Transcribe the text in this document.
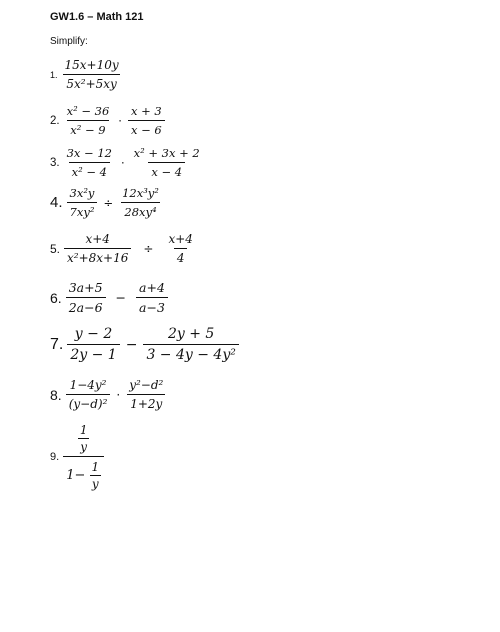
GW1.6 – Math 121
Simplify:
1. $\frac{15x+10y}{\text{5x²+5xy}}$
2. $\frac{\text{x² − 36}}{\text{x² − 9}} \cdot \frac{x + 3}{x - 6}$
3. $\frac{3x - 12}{\text{x² − 4}} \cdot \frac{\text{x² + 3x + 2}}{x - 4}$
4. $\frac{\text{3x²y}}{\text{7xy²}} \div \frac{\text{12x³y²}}{\text{28xy⁴}}$
5. $\frac{x+4}{\text{x²+8x+16}} \div \frac{x+4}{4}$
6. $\frac{3a+5}{2a-6} - \frac{a+4}{a-3}$
7. $\frac{y - 2}{2y - 1} - \frac{2y + 5}{\text{3 − 4y − 4y²}}$
8. $\frac{\text{1−4y²}}{\text{(y−d)²}} \cdot \frac{\text{y²−d²}}{1+2y}$
9. $\frac{\frac{1}{y}}{1- \frac{1}{y}}$
